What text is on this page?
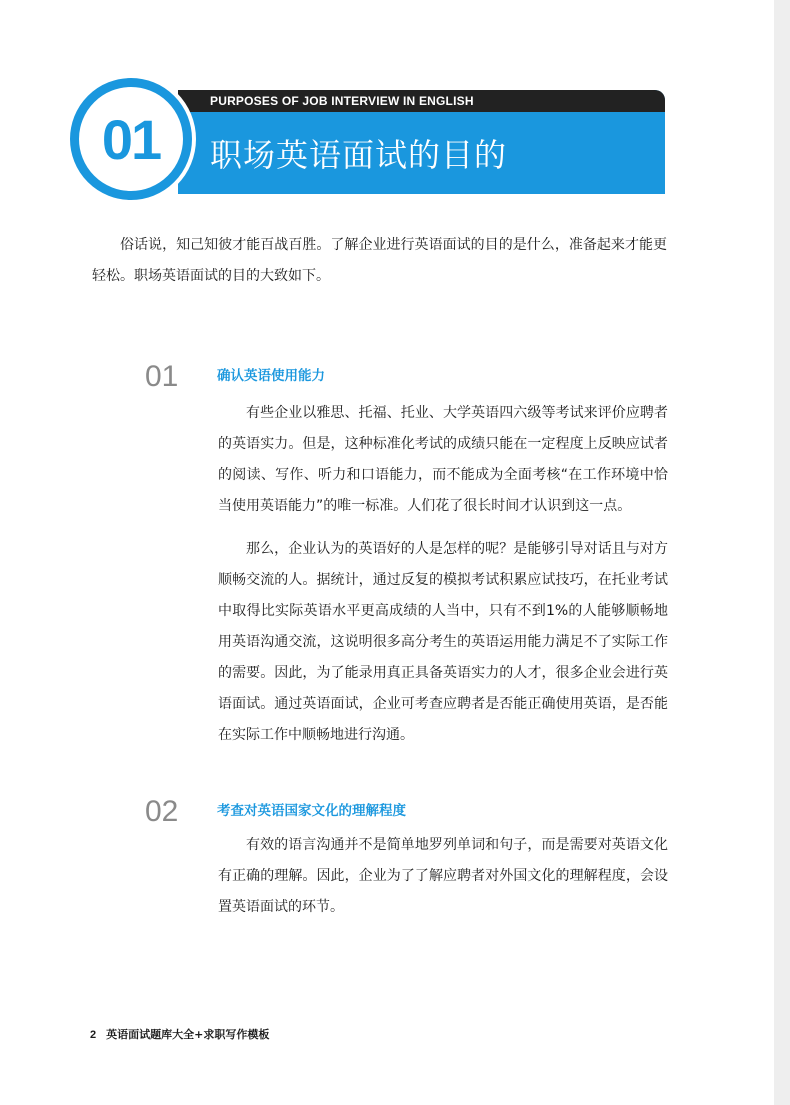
PURPOSES OF JOB INTERVIEW IN ENGLISH
职场英语面试的目的
01

俗话说，知己知彼才能百战百胜。了解企业进行英语面试的目的是什么，准备起来才能更轻松。职场英语面试的目的大致如下。

01	确认英语使用能力

有些企业以雅思、托福、托业、大学英语四六级等考试来评价应聘者的英语实力。但是，这种标准化考试的成绩只能在一定程度上反映应试者的阅读、写作、听力和口语能力，而不能成为全面考核“在工作环境中恰当使用英语能力”的唯一标准。人们花了很长时间才认识到这一点。

那么，企业认为的英语好的人是怎样的呢？是能够引导对话且与对方顺畅交流的人。据统计，通过反复的模拟考试积累应试技巧，在托业考试中取得比实际英语水平更高成绩的人当中，只有不到1%的人能够顺畅地用英语沟通交流，这说明很多高分考生的英语运用能力满足不了实际工作的需要。因此，为了能录用真正具备英语实力的人才，很多企业会进行英语面试。通过英语面试，企业可考查应聘者是否能正确使用英语，是否能在实际工作中顺畅地进行沟通。

02	考查对英语国家文化的理解程度

有效的语言沟通并不是简单地罗列单词和句子，而是需要对英语文化有正确的理解。因此，企业为了了解应聘者对外国文化的理解程度，会设置英语面试的环节。

2 英语面试题库大全+求职写作模板
